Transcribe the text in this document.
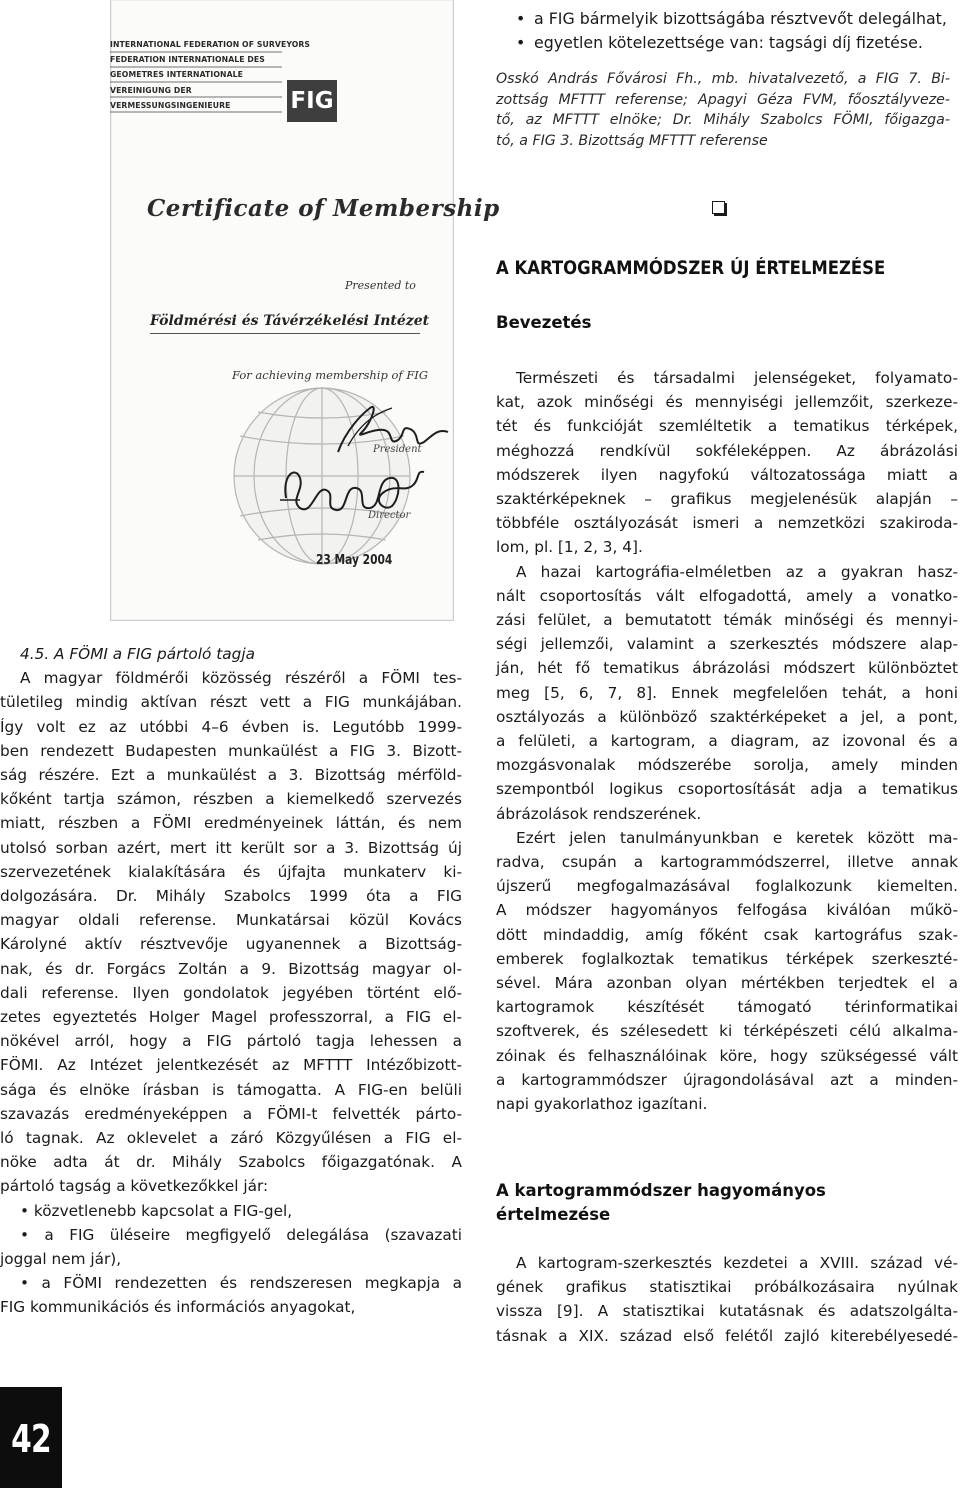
INTERNATIONAL FEDERATION OF SURVEYORS
FEDERATION INTERNATIONALE DES
GEOMETRES INTERNATIONALE
VEREINIGUNG DER
VERMESSUNGSINGENIEURE	FIG
Certificate of Membership
Presented to
Földmérési és Távérzékelési Intézet
For achieving membership of FIG
President
Director
23 May 2004
• a FIG bármelyik bizottságába résztvevőt delegálhat,
• egyetlen kötelezettsége van: tagsági díj fizetése.
Osskó András Fővárosi Fh., mb. hivatalvezető, a FIG 7. Bi-
zottság MFTTT referense; Apagyi Géza FVM, főosztályveze-
tő, az MFTTT elnöke; Dr. Mihály Szabolcs FÖMI, főigazga-
tó, a FIG 3. Bizottság MFTTT referense
A KARTOGRAMMÓDSZER ÚJ ÉRTELMEZÉSE
Bevezetés
Természeti és társadalmi jelenségeket, folyamato-
kat, azok minőségi és mennyiségi jellemzőit, szerkeze-
tét és funkcióját szemléltetik a tematikus térképek,
méghozzá rendkívül sokféleképpen. Az ábrázolási
módszerek ilyen nagyfokú változatossága miatt a
szaktérképeknek – grafikus megjelenésük alapján –
többféle osztályozását ismeri a nemzetközi szakiroda-
lom, pl. [1, 2, 3, 4].
A hazai kartográfia-elméletben az a gyakran hasz-
nált csoportosítás vált elfogadottá, amely a vonatko-
zási felület, a bemutatott témák minőségi és mennyi-
ségi jellemzői, valamint a szerkesztés módszere alap-
ján, hét fő tematikus ábrázolási módszert különböztet
meg [5, 6, 7, 8]. Ennek megfelelően tehát, a honi
osztályozás a különböző szaktérképeket a jel, a pont,
a felületi, a kartogram, a diagram, az izovonal és a
mozgásvonalak módszerébe sorolja, amely minden
szempontból logikus csoportosítását adja a tematikus
ábrázolások rendszerének.
Ezért jelen tanulmányunkban e keretek között ma-
radva, csupán a kartogrammódszerrel, illetve annak
újszerű megfogalmazásával foglalkozunk kiemelten.
A módszer hagyományos felfogása kiválóan műkö-
dött mindaddig, amíg főként csak kartográfus szak-
emberek foglalkoztak tematikus térképek szerkeszté-
sével. Mára azonban olyan mértékben terjedtek el a
kartogramok készítését támogató térinformatikai
szoftverek, és szélesedett ki térképészeti célú alkalma-
zóinak és felhasználóinak köre, hogy szükségessé vált
a kartogrammódszer újragondolásával azt a minden-
napi gyakorlathoz igazítani.
A kartogrammódszer hagyományos értelmezése
A kartogram-szerkesztés kezdetei a XVIII. század vé-
gének grafikus statisztikai próbálkozásaira nyúlnak
vissza [9]. A statisztikai kutatásnak és adatszolgálta-
tásnak a XIX. század első felétől zajló kiterebélyesedé-
4.5. A FÖMI a FIG pártoló tagja
A magyar földmérői közösség részéről a FÖMI tes-
tületileg mindig aktívan részt vett a FIG munkájában.
Így volt ez az utóbbi 4–6 évben is. Legutóbb 1999-
ben rendezett Budapesten munkaülést a FIG 3. Bizott-
ság részére. Ezt a munkaülést a 3. Bizottság mérföld-
kőként tartja számon, részben a kiemelkedő szervezés
miatt, részben a FÖMI eredményeinek láttán, és nem
utolsó sorban azért, mert itt került sor a 3. Bizottság új
szervezetének kialakítására és újfajta munkaterv ki-
dolgozására. Dr. Mihály Szabolcs 1999 óta a FIG
magyar oldali referense. Munkatársai közül Kovács
Károlyné aktív résztvevője ugyanennek a Bizottság-
nak, és dr. Forgács Zoltán a 9. Bizottság magyar ol-
dali referense. Ilyen gondolatok jegyében történt elő-
zetes egyeztetés Holger Magel professzorral, a FIG el-
nökével arról, hogy a FIG pártoló tagja lehessen a
FÖMI. Az Intézet jelentkezését az MFTTT Intézőbizott-
sága és elnöke írásban is támogatta. A FIG-en belüli
szavazás eredményeképpen a FÖMI-t felvették párto-
ló tagnak. Az oklevelet a záró Közgyűlésen a FIG el-
nöke adta át dr. Mihály Szabolcs főigazgatónak. A
pártoló tagság a következőkkel jár:
• közvetlenebb kapcsolat a FIG-gel,
• a FIG üléseire megfigyelő delegálása (szavazati
joggal nem jár),
• a FÖMI rendezetten és rendszeresen megkapja a
FIG kommunikációs és információs anyagokat,
42
